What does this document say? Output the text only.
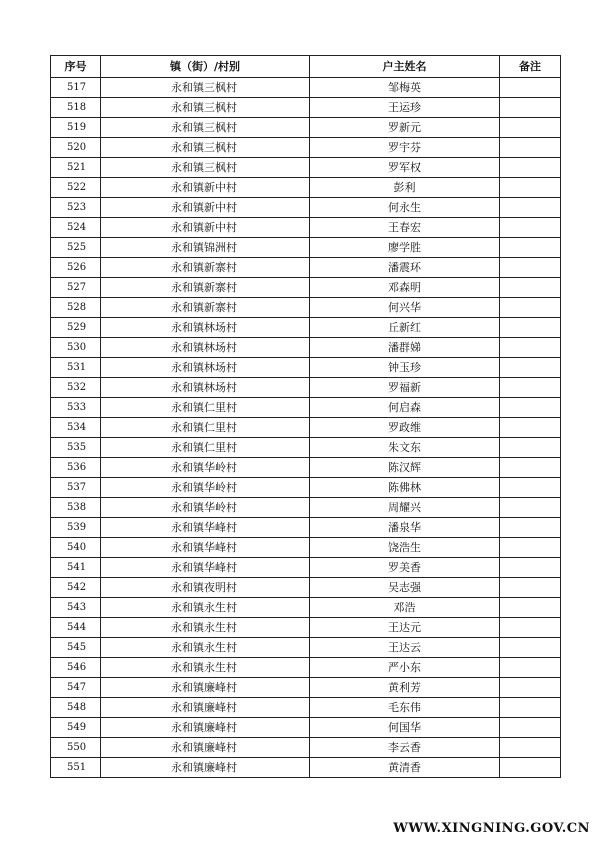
序号	镇（街）/村别	户主姓名	备注
517	永和镇三枫村	邹梅英	
518	永和镇三枫村	王运珍	
519	永和镇三枫村	罗新元	
520	永和镇三枫村	罗宇芬	
521	永和镇三枫村	罗军权	
522	永和镇新中村	彭利	
523	永和镇新中村	何永生	
524	永和镇新中村	王春宏	
525	永和镇锦洲村	廖学胜	
526	永和镇新寨村	潘震环	
527	永和镇新寨村	邓森明	
528	永和镇新寨村	何兴华	
529	永和镇林场村	丘新红	
530	永和镇林场村	潘群娣	
531	永和镇林场村	钟玉珍	
532	永和镇林场村	罗福新	
533	永和镇仁里村	何启森	
534	永和镇仁里村	罗政维	
535	永和镇仁里村	朱文东	
536	永和镇华岭村	陈汉辉	
537	永和镇华岭村	陈佛林	
538	永和镇华岭村	周耀兴	
539	永和镇华峰村	潘泉华	
540	永和镇华峰村	饶浩生	
541	永和镇华峰村	罗美香	
542	永和镇夜明村	吴志强	
543	永和镇永生村	邓浩	
544	永和镇永生村	王达元	
545	永和镇永生村	王达云	
546	永和镇永生村	严小东	
547	永和镇廉峰村	黄利芳	
548	永和镇廉峰村	毛东伟	
549	永和镇廉峰村	何国华	
550	永和镇廉峰村	李云香	
551	永和镇廉峰村	黄清香	
WWW.XINGNING.GOV.CN
